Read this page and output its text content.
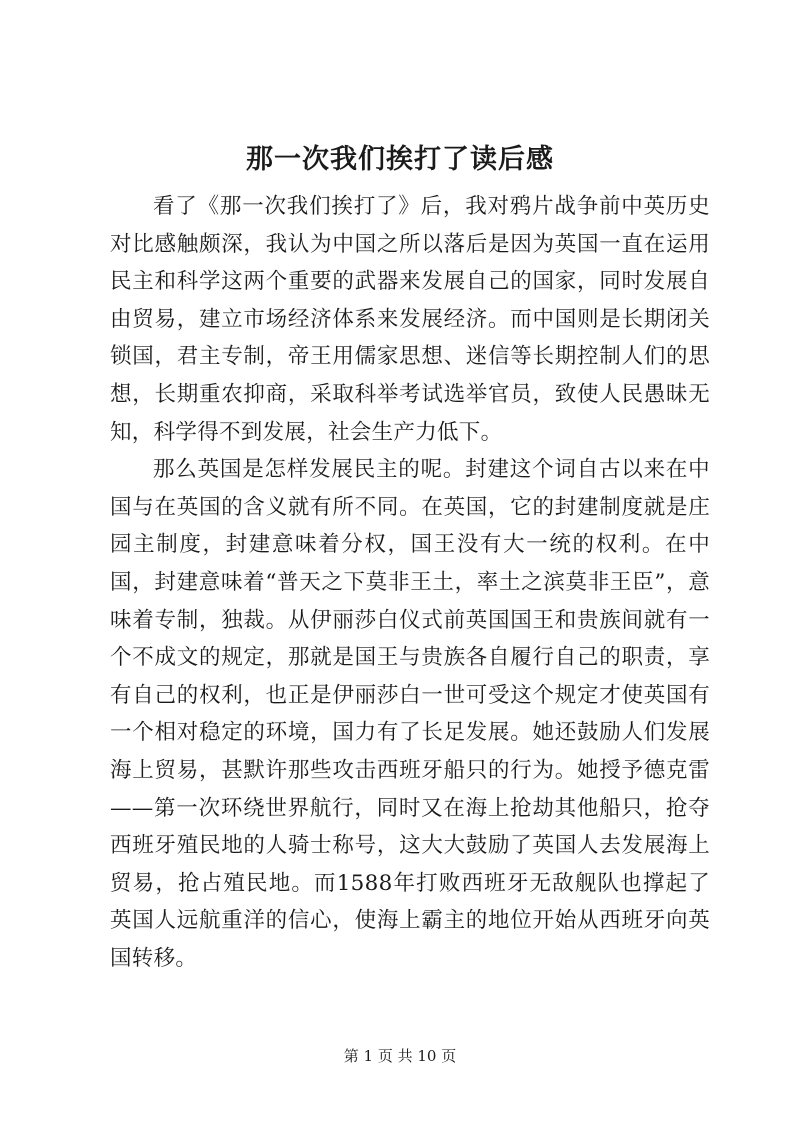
那一次我们挨打了读后感

看了《那一次我们挨打了》后，我对鸦片战争前中英历史对比感触颇深，我认为中国之所以落后是因为英国一直在运用民主和科学这两个重要的武器来发展自己的国家，同时发展自由贸易，建立市场经济体系来发展经济。而中国则是长期闭关锁国，君主专制，帝王用儒家思想、迷信等长期控制人们的思想，长期重农抑商，采取科举考试选举官员，致使人民愚昧无知，科学得不到发展，社会生产力低下。

那么英国是怎样发展民主的呢。封建这个词自古以来在中国与在英国的含义就有所不同。在英国，它的封建制度就是庄园主制度，封建意味着分权，国王没有大一统的权利。在中国，封建意味着“普天之下莫非王土，率土之滨莫非王臣”，意味着专制，独裁。从伊丽莎白仪式前英国国王和贵族间就有一个不成文的规定，那就是国王与贵族各自履行自己的职责，享有自己的权利，也正是伊丽莎白一世可受这个规定才使英国有一个相对稳定的环境，国力有了长足发展。她还鼓励人们发展海上贸易，甚默许那些攻击西班牙船只的行为。她授予德克雷——第一次环绕世界航行，同时又在海上抢劫其他船只，抢夺西班牙殖民地的人骑士称号，这大大鼓励了英国人去发展海上贸易，抢占殖民地。而1588年打败西班牙无敌舰队也撑起了英国人远航重洋的信心，使海上霸主的地位开始从西班牙向英国转移。

第 1 页 共 10 页
